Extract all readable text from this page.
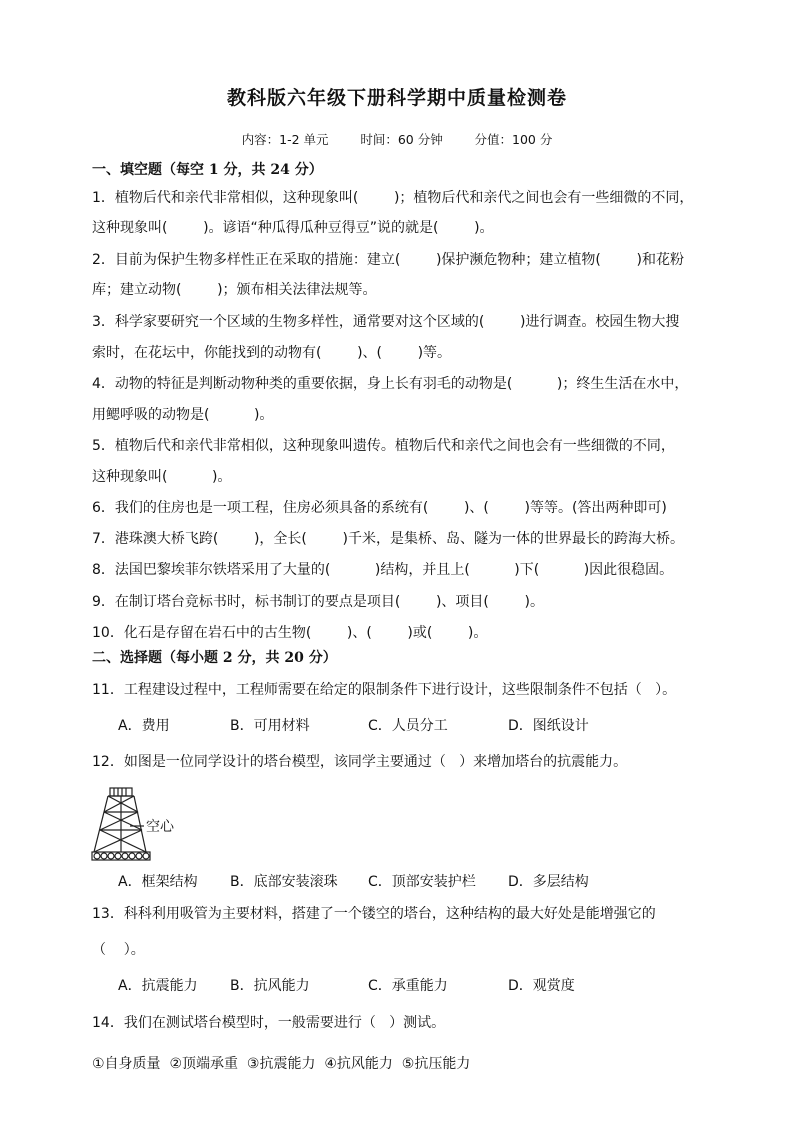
教科版六年级下册科学期中质量检测卷
内容：1-2 单元        时间：60 分钟        分值：100 分
一、填空题（每空 1 分，共 24 分）
1．植物后代和亲代非常相似，这种现象叫(        )；植物后代和亲代之间也会有一些细微的不同，
这种现象叫(        )。谚语“种瓜得瓜种豆得豆”说的就是(        )。
2．目前为保护生物多样性正在采取的措施：建立(        )保护濒危物种；建立植物(        )和花粉
库；建立动物(        )；颁布相关法律法规等。
3．科学家要研究一个区域的生物多样性，通常要对这个区域的(        )进行调查。校园生物大搜
索时，在花坛中，你能找到的动物有(        )、(        )等。
4．动物的特征是判断动物种类的重要依据，身上长有羽毛的动物是(          )；终生生活在水中，
用鳃呼吸的动物是(          )。
5．植物后代和亲代非常相似，这种现象叫遗传。植物后代和亲代之间也会有一些细微的不同，
这种现象叫(          )。
6．我们的住房也是一项工程，住房必须具备的系统有(        )、(        )等等。(答出两种即可)
7．港珠澳大桥飞跨(        )，全长(        )千米，是集桥、岛、隧为一体的世界最长的跨海大桥。
8．法国巴黎埃菲尔铁塔采用了大量的(          )结构，并且上(          )下(          )因此很稳固。
9．在制订塔台竞标书时，标书制订的要点是项目(        )、项目(        )。
10．化石是存留在岩石中的古生物(        )、(        )或(        )。
二、选择题（每小题 2 分，共 20 分）
11．工程建设过程中，工程师需要在给定的限制条件下进行设计，这些限制条件不包括（   ）。
A．费用	B．可用材料	C．人员分工	D．图纸设计
12．如图是一位同学设计的塔台模型，该同学主要通过（   ）来增加塔台的抗震能力。
空心
A．框架结构 B．底部安装滚珠 C．顶部安装护栏 D．多层结构
13．科科利用吸管为主要材料，搭建了一个镂空的塔台，这种结构的最大好处是能增强它的
（    ）。
A．抗震能力 B．抗风能力	C．承重能力	D．观赏度
14．我们在测试塔台模型时，一般需要进行（   ）测试。
①自身质量  ②顶端承重  ③抗震能力  ④抗风能力  ⑤抗压能力
